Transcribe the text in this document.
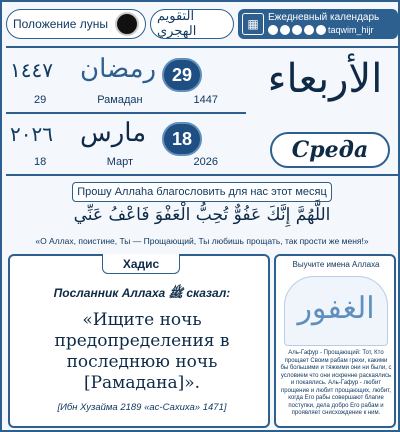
Положение луны	التقويم الهجري	▦ Ежедневный календарь
taqwim_hijr
١٤٤٧ رمضان 29
29	Рамадан	1447
٢٠٢٦ مارس	18
18	Март	2026
الأربعاء
Среда
Прошу Аллаhа благословить для нас этот месяц
اللَّهُمَّ إِنَّكَ عَفُوٌّ تُحِبُّ الْعَفْوَ فَاعْفُ عَنِّي
«О Аллах, поистине, Ты — Прощающий, Ты любишь прощать, так прости же меня!»
Хадис
Посланник Аллаха ﷺ сказал:
«Ищите ночь предопределения в последнюю ночь [Рамадана]».
[Ибн Хузайма 2189 «ас-Сахиха» 1471]
Выучите имена Аллаха
الغفور
Аль-Гафур - Прощающий: Тот, Кто прощает Своим рабам грехи, какими бы большими и тяжкими они ни были, с условием что они искренне раскаялись и покаялись. Аль-Гафур - любит прощение и любит прощающих, любит, когда Его рабы совершают благие поступки, дела добро Его рабам и проявляет снисхождение к ним.
